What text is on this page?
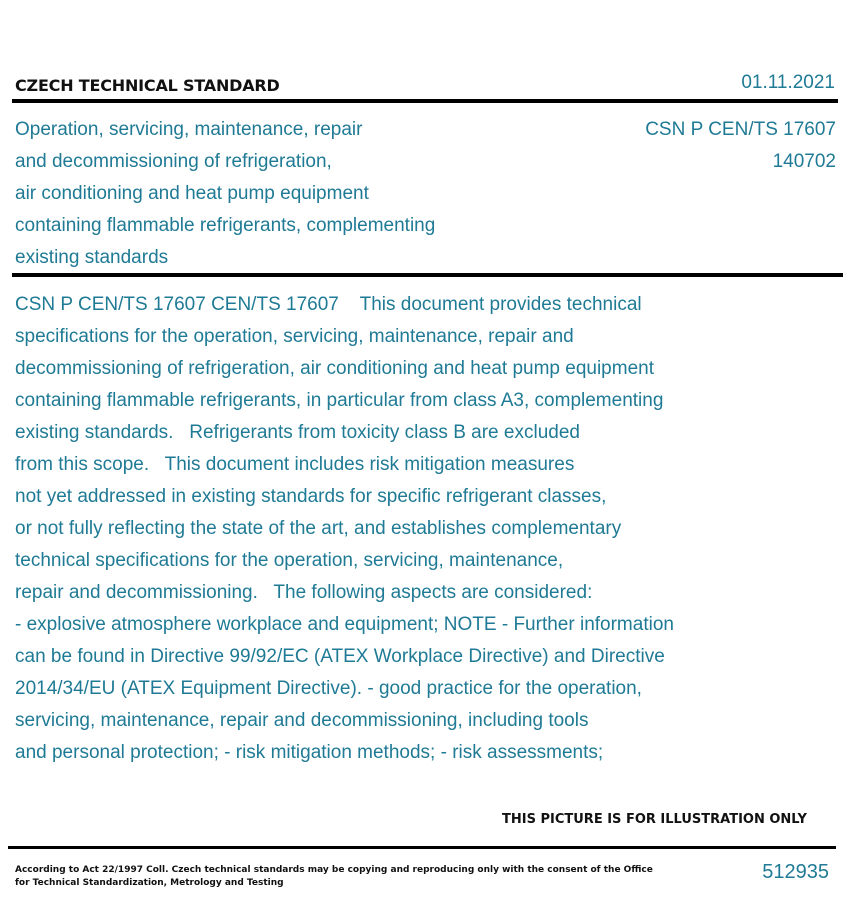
CZECH TECHNICAL STANDARD	01.11.2021
Operation, servicing, maintenance, repair
and decommissioning of refrigeration,
air conditioning and heat pump equipment
containing flammable refrigerants, complementing
existing standards
CSN P CEN/TS 17607
140702
CSN P CEN/TS 17607 CEN/TS 17607    This document provides technical
specifications for the operation, servicing, maintenance, repair and
decommissioning of refrigeration, air conditioning and heat pump equipment
containing flammable refrigerants, in particular from class A3, complementing
existing standards.   Refrigerants from toxicity class B are excluded
from this scope.   This document includes risk mitigation measures
not yet addressed in existing standards for specific refrigerant classes,
or not fully reflecting the state of the art, and establishes complementary
technical specifications for the operation, servicing, maintenance,
repair and decommissioning.   The following aspects are considered:
- explosive atmosphere workplace and equipment; NOTE - Further information
can be found in Directive 99/92/EC (ATEX Workplace Directive) and Directive
2014/34/EU (ATEX Equipment Directive). - good practice for the operation,
servicing, maintenance, repair and decommissioning, including tools
and personal protection; - risk mitigation methods; - risk assessments;
THIS PICTURE IS FOR ILLUSTRATION ONLY
According to Act 22/1997 Coll. Czech technical standards may be copying and reproducing only with the consent of the Office
for Technical Standardization, Metrology and Testing	512935
